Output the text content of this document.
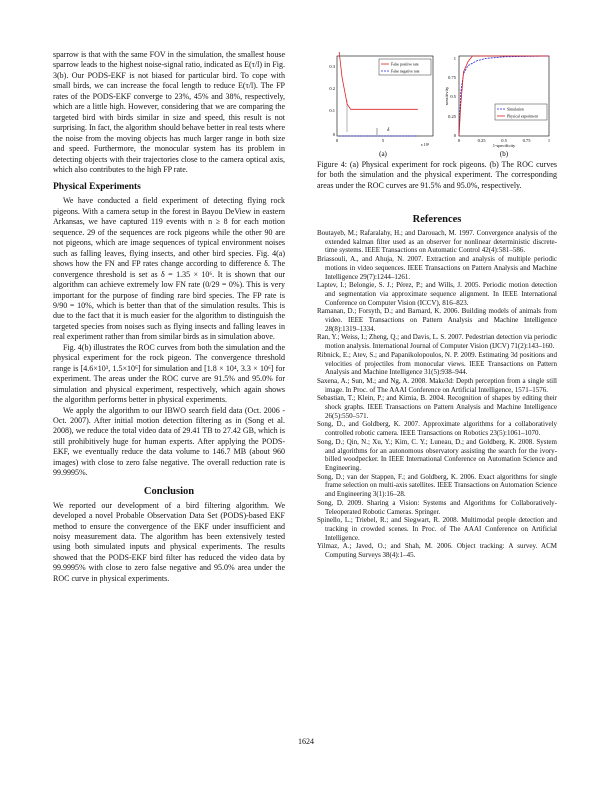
sparrow is that with the same FOV in the simulation, the smallest house sparrow leads to the highest noise-signal ratio, indicated as E(τ/l) in Fig. 3(b). Our PODS-EKF is not biased for particular bird. To cope with small birds, we can increase the focal length to reduce E(τ/l). The FP rates of the PODS-EKF converge to 23%, 45% and 38%, respectively, which are a little high. However, considering that we are comparing the targeted bird with birds similar in size and speed, this result is not surprising. In fact, the algorithm should behave better in real tests where the noise from the moving objects has much larger range in both size and speed. Furthermore, the monocular system has its problem in detecting objects with their trajectories close to the camera optical axis, which also contributes to the high FP rate.

Physical Experiments

We have conducted a field experiment of detecting flying rock pigeons. With a camera setup in the forest in Bayou DeView in eastern Arkansas, we have captured 119 events with n ≥ 8 for each motion sequence. 29 of the sequences are rock pigeons while the other 90 are not pigeons, which are image sequences of typical environment noises such as falling leaves, flying insects, and other bird species. Fig. 4(a) shows how the FN and FP rates change according to difference δ. The convergence threshold is set as δ = 1.35 × 10⁶. It is shown that our algorithm can achieve extremely low FN rate (0/29 = 0%). This is very important for the purpose of finding rare bird species. The FP rate is 9/90 = 10%, which is better than that of the simulation results. This is due to the fact that it is much easier for the algorithm to distinguish the targeted species from noises such as flying insects and falling leaves in real experiment rather than from similar birds as in simulation above.

Fig. 4(b) illustrates the ROC curves from both the simulation and the physical experiment for the rock pigeon. The convergence threshold range is [4.6×10³, 1.5×10⁶] for simulation and [1.8 × 10⁴, 3.3 × 10⁶] for experiment. The areas under the ROC curve are 91.5% and 95.0% for simulation and physical experiment, respectively, which again shows the algorithm performs better in physical experiments.

We apply the algorithm to our IBWO search field data (Oct. 2006 - Oct. 2007). After initial motion detection filtering as in (Song et al. 2008), we reduce the total video data of 29.41 TB to 27.42 GB, which is still prohibitively huge for human experts. After applying the PODS-EKF, we eventually reduce the data volume to 146.7 MB (about 960 images) with close to zero false negative. The overall reduction rate is 99.9995%.

Conclusion

We reported our development of a bird filtering algorithm. We developed a novel Probable Observation Data Set (PODS)-based EKF method to ensure the convergence of the EKF under insufficient and noisy measurement data. The algorithm has been extensively tested using both simulated inputs and physical experiments. The results showed that the PODS-EKF bird filter has reduced the video data by 99.9995% with close to zero false negative and 95.0% area under the ROC curve in physical experiments.

0.3
0.2
0.1
0
0	5
x 10⁶
δ
False positive rate
False negative rate
(a)
1
0.75
0.5
0.25
0
0	0.25	0.5	0.75	1
1-specificity
sensitivity
Simulation
Physical experiment
(b)
Figure 4: (a) Physical experiment for rock pigeons. (b) The ROC curves for both the simulation and the physical experiment. The corresponding areas under the ROC curves are 91.5% and 95.0%, respectively.
References

Boutayeb, M.; Rafaralahy, H.; and Darouach, M. 1997. Convergence analysis of the extended kalman filter used as an observer for nonlinear deterministic discrete-time systems. IEEE Transactions on Automatic Control 42(4):581–586.

Briassouli, A., and Ahuja, N. 2007. Extraction and analysis of multiple periodic motions in video sequences. IEEE Transactions on Pattern Analysis and Machine Intelligence 29(7):1244–1261.

Laptev, I.; Belongie, S. J.; Pérez, P.; and Wills, J. 2005. Periodic motion detection and segmentation via approximate sequence alignment. In IEEE International Conference on Computer Vision (ICCV), 816–823.

Ramanan, D.; Forsyth, D.; and Barnard, K. 2006. Building models of animals from video. IEEE Transactions on Pattern Analysis and Machine Intelligence 28(8):1319–1334.

Ran, Y.; Weiss, I.; Zheng, Q.; and Davis, L. S. 2007. Pedestrian detection via periodic motion analysis. International Journal of Computer Vision (IJCV) 71(2):143–160.

Ribnick, E.; Atev, S.; and Papanikolopoulos, N. P. 2009. Estimating 3d positions and velocities of projectiles from monocular views. IEEE Transactions on Pattern Analysis and Machine Intelligence 31(5):938–944.

Saxena, A.; Sun, M.; and Ng, A. 2008. Make3d: Depth perception from a single still image. In Proc. of The AAAI Conference on Artificial Intelligence, 1571–1576.

Sebastian, T.; Klein, P.; and Kimia, B. 2004. Recognition of shapes by editing their shock graphs. IEEE Transactions on Pattern Analysis and Machine Intelligence 26(5):550–571.

Song, D., and Goldberg, K. 2007. Approximate algorithms for a collaboratively controlled robotic camera. IEEE Transactions on Robotics 23(5):1061–1070.

Song, D.; Qin, N.; Xu, Y.; Kim, C. Y.; Luneau, D.; and Goldberg, K. 2008. System and algorithms for an autonomous observatory assisting the search for the ivory-billed woodpecker. In IEEE International Conference on Automation Science and Engineering.

Song, D.; van der Stappen, F.; and Goldberg, K. 2006. Exact algorithms for single frame selection on multi-axis satellites. IEEE Transactions on Automation Science and Engineering 3(1):16–28.

Song, D. 2009. Sharing a Vision: Systems and Algorithms for Collaboratively-Teleoperated Robotic Cameras. Springer.

Spinello, L.; Triebel, R.; and Siegwart, R. 2008. Multimodal people detection and tracking in crowded scenes. In Proc. of The AAAI Conference on Artificial Intelligence.

Yilmaz, A.; Javed, O.; and Shah, M. 2006. Object tracking: A survey. ACM Computing Surveys 38(4):1–45.

1624
